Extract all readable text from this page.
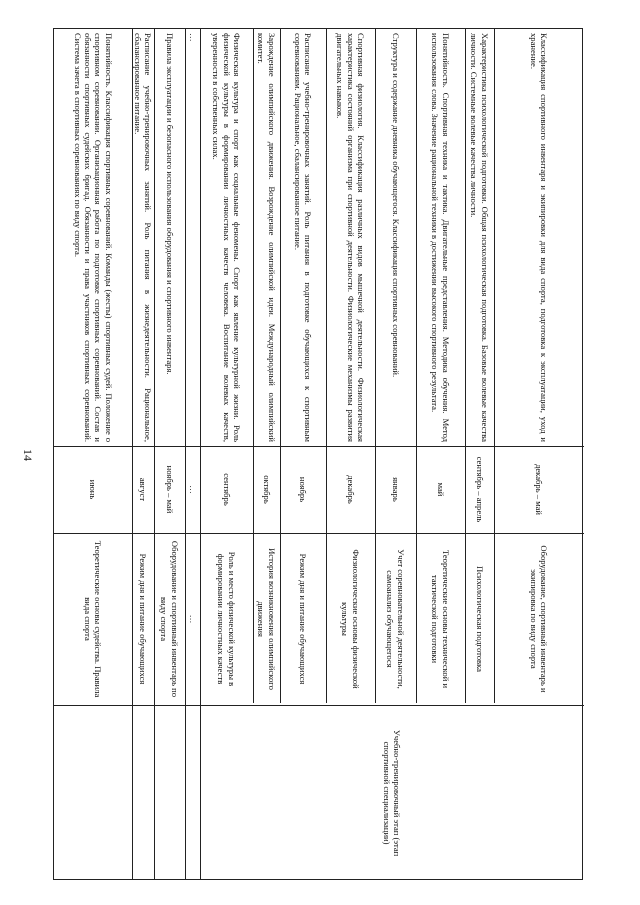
14
Понятийность. Классификация спортивных соревнований. Команды (жесты) спортивных судей. Положение о спортивном соревновании. Организационная работа по подготовке спортивных соревнований. Состав и обязанности спортивных судейских бригад. Обязанности и права участников спортивных соревнований. Система зачета в спортивных соревнованиях по виду спорта.
июнь
Теоретические основы судейства. Правила вида спорта
Расписание учебно-тренировочных занятий. Роль питания в жизнедеятельности. Рациональное, сбалансированное питание.
август
Режим дня и питание обучающихся
Правила эксплуатации и безопасного использования оборудования и спортивного инвентаря.
ноябрь – май
Оборудование и спортивный инвентарь по виду спорта
…
…
…
Физическая культура и спорт как социальные феномены. Спорт как явление культурной жизни. Роль физической культуры в формировании личностных качеств человека. Воспитание волевых качеств, уверенности в собственных силах.
сентябрь
Роль и место физической культуры в формировании личностных качеств
Зарождение олимпийского движения. Возрождение олимпийской идеи. Международный олимпийский комитет.
октябрь
История возникновения олимпийского движения
Расписание учебно-тренировочных занятий. Роль питания в подготовке обучающихся к спортивным соревнованиям. Рациональное, сбалансированное питание.
ноябрь
Режим дня и питание обучающихся
Спортивная физиология. Классификация различных видов мышечной деятельности. Физиологическая характеристика состояний организма при спортивной деятельности. Физиологические механизмы развития двигательных навыков.
декабрь
Физиологические основы физической культуры
Структура и содержание дневника обучающегося. Классификация спортивных соревнований.
январь
Учет соревновательной деятельности, самоанализ обучающегося
Понятийность. Спортивная техника и тактика. Двигательные представления. Методика обучения. Метод использования слова. Значение рациональной техники в достижении высокого спортивного результата.
май
Теоретические основы технической и тактической подготовки
Характеристика психологической подготовки. Общая психологическая подготовка. Базовые волевые качества личности. Системные волевые качества личности.
сентябрь – апрель
Психологическая подготовка
Классификация спортивного инвентаря и экипировки для вида спорта, подготовка к эксплуатации, уход и хранение.
декабрь – май
Оборудование, спортивный инвентарь и экипировка по виду спорта
Учебно-тренировочный этап (этап спортивной специализации)
